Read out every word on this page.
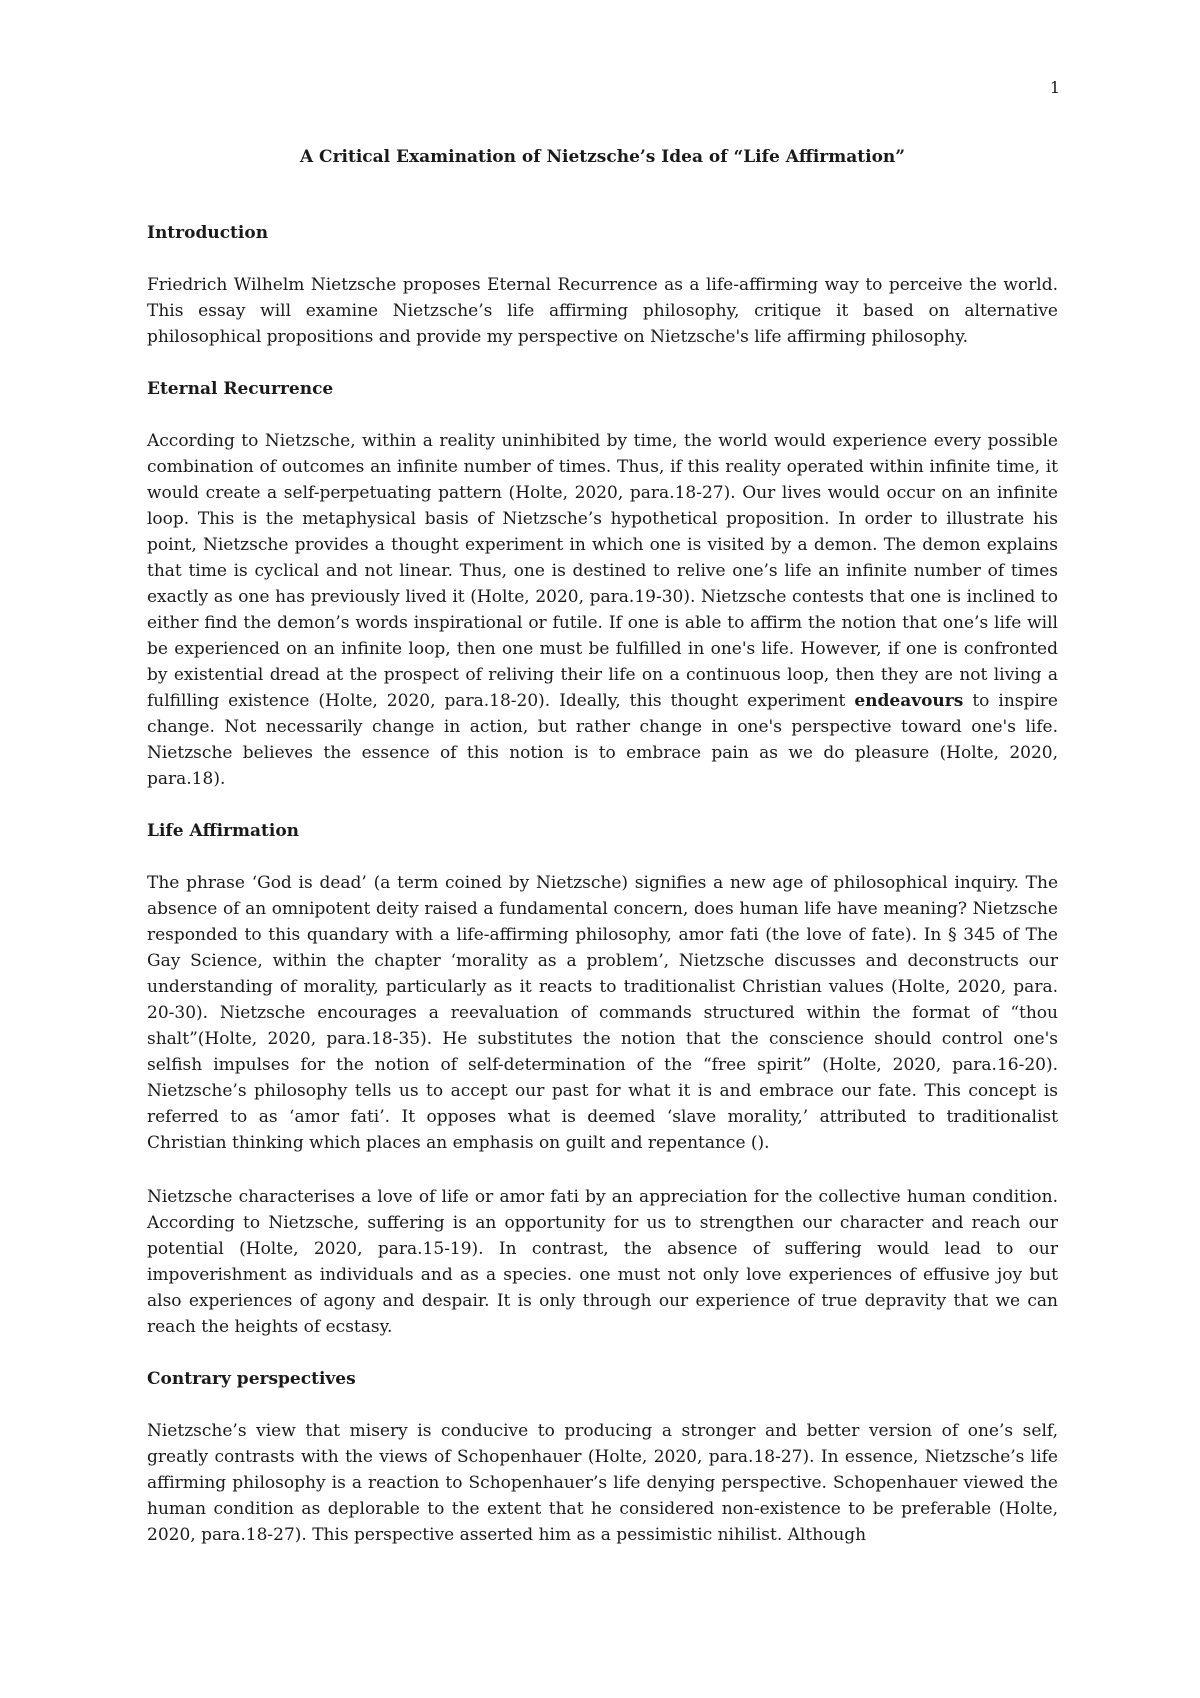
1
A Critical Examination of Nietzsche’s Idea of “Life Affirmation”
Introduction

Friedrich Wilhelm Nietzsche proposes Eternal Recurrence as a life-affirming way to perceive the world. This essay will examine Nietzsche’s life affirming philosophy, critique it based on alternative philosophical propositions and provide my perspective on Nietzsche's life affirming philosophy.

Eternal Recurrence

According to Nietzsche, within a reality uninhibited by time, the world would experience every possible combination of outcomes an infinite number of times. Thus, if this reality operated within infinite time, it would create a self-perpetuating pattern (Holte, 2020, para.18-27). Our lives would occur on an infinite loop. This is the metaphysical basis of Nietzsche’s hypothetical proposition. In order to illustrate his point, Nietzsche provides a thought experiment in which one is visited by a demon. The demon explains that time is cyclical and not linear. Thus, one is destined to relive one’s life an infinite number of times exactly as one has previously lived it (Holte, 2020, para.19-30). Nietzsche contests that one is inclined to either find the demon’s words inspirational or futile. If one is able to affirm the notion that one’s life will be experienced on an infinite loop, then one must be fulfilled in one's life. However, if one is confronted by existential dread at the prospect of reliving their life on a continuous loop, then they are not living a fulfilling existence (Holte, 2020, para.18-20). Ideally, this thought experiment endeavours to inspire change. Not necessarily change in action, but rather change in one's perspective toward one's life. Nietzsche believes the essence of this notion is to embrace pain as we do pleasure (Holte, 2020, para.18).

Life Affirmation

The phrase ‘God is dead’ (a term coined by Nietzsche) signifies a new age of philosophical inquiry. The absence of an omnipotent deity raised a fundamental concern, does human life have meaning? Nietzsche responded to this quandary with a life-affirming philosophy, amor fati (the love of fate). In § 345 of The Gay Science, within the chapter ‘morality as a problem’, Nietzsche discusses and deconstructs our understanding of morality, particularly as it reacts to traditionalist Christian values (Holte, 2020, para. 20-30). Nietzsche encourages a reevaluation of commands structured within the format of “thou shalt”(Holte, 2020, para.18-35). He substitutes the notion that the conscience should control one's selfish impulses for the notion of self-determination of the “free spirit” (Holte, 2020, para.16-20). Nietzsche’s philosophy tells us to accept our past for what it is and embrace our fate. This concept is referred to as ‘amor fati’. It opposes what is deemed ‘slave morality,’ attributed to traditionalist Christian thinking which places an emphasis on guilt and repentance ().

Nietzsche characterises a love of life or amor fati by an appreciation for the collective human condition. According to Nietzsche, suffering is an opportunity for us to strengthen our character and reach our potential (Holte, 2020, para.15-19). In contrast, the absence of suffering would lead to our impoverishment as individuals and as a species. one must not only love experiences of effusive joy but also experiences of agony and despair. It is only through our experience of true depravity that we can reach the heights of ecstasy.

Contrary perspectives

Nietzsche’s view that misery is conducive to producing a stronger and better version of one’s self, greatly contrasts with the views of Schopenhauer (Holte, 2020, para.18-27). In essence, Nietzsche’s life affirming philosophy is a reaction to Schopenhauer’s life denying perspective. Schopenhauer viewed the human condition as deplorable to the extent that he considered non-existence to be preferable (Holte, 2020, para.18-27). This perspective asserted him as a pessimistic nihilist. Although
